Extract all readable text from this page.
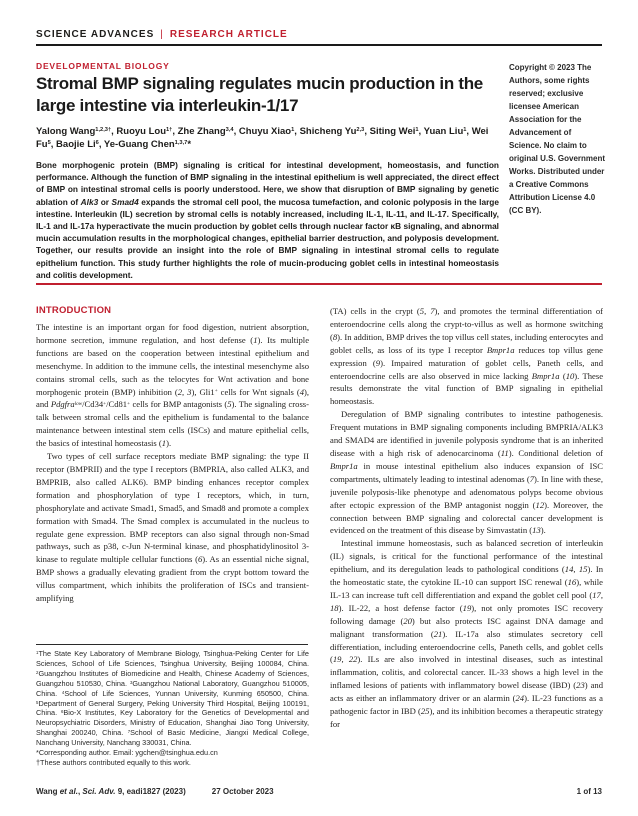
SCIENCE ADVANCES | RESEARCH ARTICLE
DEVELOPMENTAL BIOLOGY	Copyright © 2023 The Authors, some rights reserved; exclusive licensee American Association for the Advancement of Science. No claim to original U.S. Government Works. Distributed under a Creative Commons Attribution License 4.0 (CC BY).
Stromal BMP signaling regulates mucin production in the large intestine via interleukin-1/17
Yalong Wang$^{1,2,3\dagger}$, Ruoyu Lou$^{1\dagger}$, Zhe Zhang$^{3,4}$, Chuyu Xiao$^1$, Shicheng Yu$^{2,3}$, Siting Wei$^1$, Yuan Liu$^1$, Wei Fu$^5$, Baojie Li$^6$, Ye-Guang Chen$^{1,3,7}$*
Bone morphogenic protein (BMP) signaling is critical for intestinal development, homeostasis, and function performance. Although the function of BMP signaling in the intestinal epithelium is well appreciated, the direct effect of BMP on intestinal stromal cells is poorly understood. Here, we show that disruption of BMP signaling by genetic ablation of Alk3 or Smad4 expands the stromal cell pool, the mucosa tumefaction, and colonic polyposis in the large intestine. Interleukin (IL) secretion by stromal cells is notably increased, including IL-1, IL-11, and IL-17. Specifically, IL-1 and IL-17a hyperactivate the mucin production by goblet cells through nuclear factor κB signaling, and abnormal mucin accumulation results in the morphological changes, epithelial barrier destruction, and polyposis development. Together, our results provide an insight into the role of BMP signaling in intestinal stromal cells to regulate epithelium function. This study further highlights the role of mucin-producing goblet cells in intestinal homeostasis and colitis development.
INTRODUCTION

The intestine is an important organ for food digestion, nutrient absorption, hormone secretion, immune regulation, and host defense (1). Its multiple functions are based on the cooperation between intestinal epithelium and mesenchyme. In addition to the immune cells, the intestinal mesenchyme also contains stromal cells, such as the telocytes for Wnt activation and bone morphogenic protein (BMP) inhibition (2, 3), Gli1+ cells for Wnt signals (4), and Pdgfra$^{low}$/Cd34+/Cd81+ cells for BMP antagonists (5). The signaling cross-talk between stromal cells and the epithelium is fundamental to the balance maintenance between intestinal stem cells (ISCs) and mature epithelial cells, the basics of intestinal homeostasis (1).

Two types of cell surface receptors mediate BMP signaling: the type II receptor (BMPRII) and the type I receptors (BMPRIA, also called ALK3, and BMPRIB, also called ALK6). BMP binding enhances receptor complex formation and phosphorylation of type I receptors, which, in turn, phosphorylate and activate Smad1, Smad5, and Smad8 and promote a complex formation with Smad4. The Smad complex is accumulated in the nucleus to regulate gene expression. BMP receptors can also signal through non-Smad pathways, such as p38, c-Jun N-terminal kinase, and phosphatidylinositol 3-kinase to regulate multiple cellular functions (6). As an essential niche signal, BMP shows a gradually elevating gradient from the crypt bottom toward the villus compartment, which inhibits the proliferation of ISCs and transient-amplifying

$^1$The State Key Laboratory of Membrane Biology, Tsinghua-Peking Center for Life Sciences, School of Life Sciences, Tsinghua University, Beijing 100084, China. $^2$Guangzhou Institutes of Biomedicine and Health, Chinese Academy of Sciences, Guangzhou 510530, China. $^3$Guangzhou National Laboratory, Guangzhou 510005, China. $^4$School of Life Sciences, Yunnan University, Kunming 650500, China. $^5$Department of General Surgery, Peking University Third Hospital, Beijing 100191, China. $^6$Bio-X Institutes, Key Laboratory for the Genetics of Developmental and Neuropsychiatric Disorders, Ministry of Education, Shanghai Jiao Tong University, Shanghai 200240, China. $^7$School of Basic Medicine, Jiangxi Medical College, Nanchang University, Nanchang 330031, China.

*Corresponding author. Email: ygchen@tsinghua.edu.cn

†These authors contributed equally to this work.

(TA) cells in the crypt (5, 7), and promotes the terminal differentiation of enteroendocrine cells along the crypt-to-villus as well as hormone switching (8). In addition, BMP drives the top villus cell states, including enterocytes and goblet cells, as loss of its type I receptor Bmpr1a reduces top villus gene expression (9). Impaired maturation of goblet cells, Paneth cells, and enteroendocrine cells are also observed in mice lacking Bmpr1a (10). These results demonstrate the vital function of BMP signaling in epithelial homeostasis.

Deregulation of BMP signaling contributes to intestine pathogenesis. Frequent mutations in BMP signaling components including BMPRIA/ALK3 and SMAD4 are identified in juvenile polyposis syndrome that is an inherited disease with a high risk of adenocarcinoma (11). Conditional deletion of Bmpr1a in mouse intestinal epithelium also induces expansion of ISC compartments, ultimately leading to intestinal adenomas (7). In line with these, juvenile polyposis-like phenotype and adenomatous polyps become obvious after ectopic expression of the BMP antagonist noggin (12). Moreover, the connection between BMP signaling and colorectal cancer development is evidenced on the treatment of this disease by Simvastatin (13).

Intestinal immune homeostasis, such as balanced secretion of interleukin (IL) signals, is critical for the functional performance of the intestinal epithelium, and its deregulation leads to pathological conditions (14, 15). In the homeostatic state, the cytokine IL-10 can support ISC renewal (16), while IL-13 can increase tuft cell differentiation and expand the goblet cell pool (17, 18). IL-22, a host defense factor (19), not only promotes ISC recovery following damage (20) but also protects ISC against DNA damage and malignant transformation (21). IL-17a also stimulates secretory cell differentiation, including enteroendocrine cells, Paneth cells, and goblet cells (19, 22). ILs are also involved in intestinal diseases, such as intestinal inflammation, colitis, and colorectal cancer. IL-33 shows a high level in the inflamed lesions of patients with inflammatory bowel disease (IBD) (23) and acts as either an inflammatory driver or an alarmin (24). IL-23 functions as a pathogenic factor in IBD (25), and its inhibition becomes a therapeutic strategy for

Wang et al., Sci. Adv. 9, eadi1827 (2023)	27 October 2023	1 of 13
